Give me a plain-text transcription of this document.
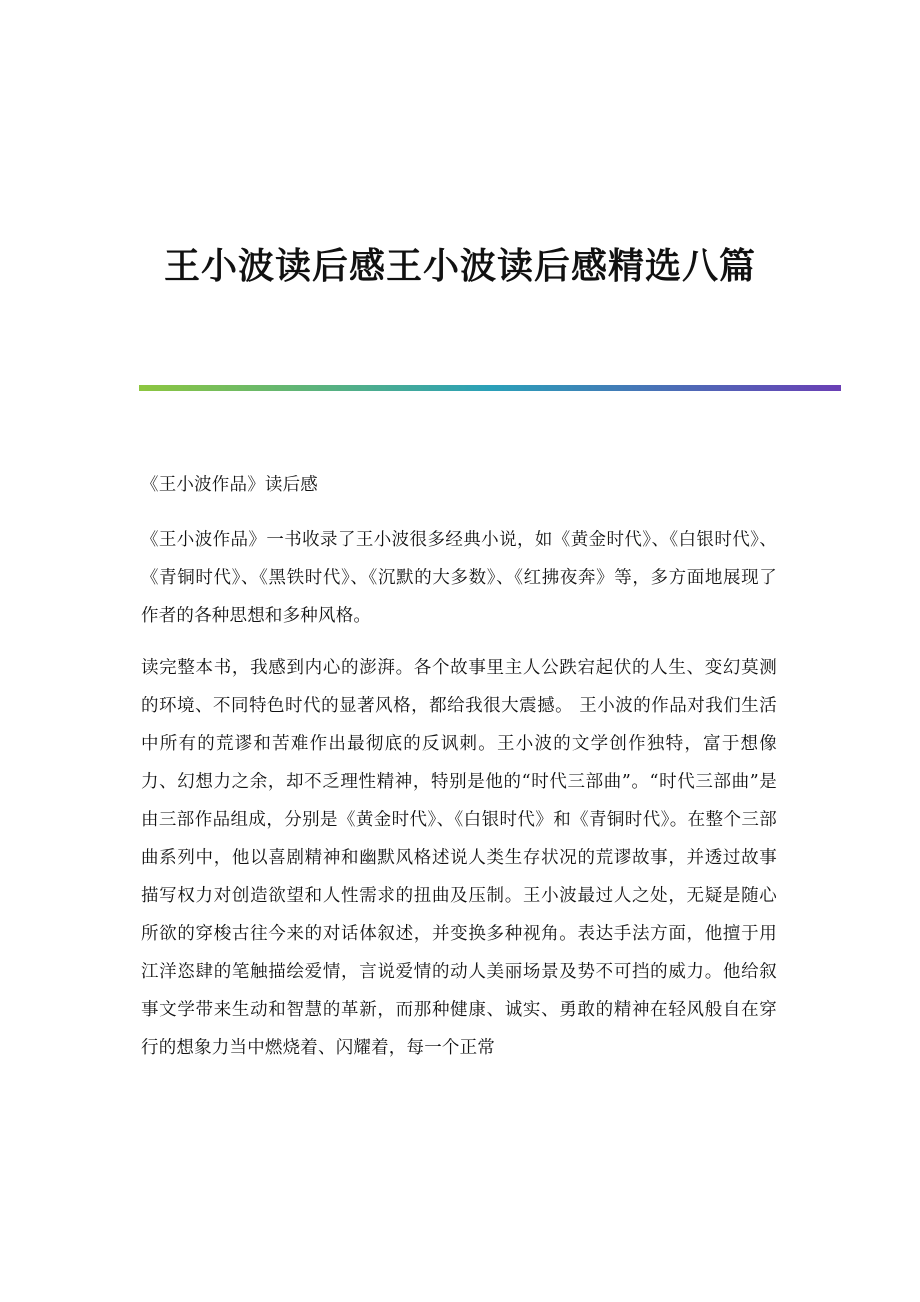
王小波读后感王小波读后感精选八篇

《王小波作品》读后感

《王小波作品》一书收录了王小波很多经典小说，如《黄金时代》、《白银时代》、《青铜时代》、《黑铁时代》、《沉默的大多数》、《红拂夜奔》等，多方面地展现了作者的各种思想和多种风格。

读完整本书，我感到内心的澎湃。各个故事里主人公跌宕起伏的人生、变幻莫测的环境、不同特色时代的显著风格，都给我很大震撼。 王小波的作品对我们生活中所有的荒谬和苦难作出最彻底的反讽刺。王小波的文学创作独特，富于想像力、幻想力之余，却不乏理性精神，特别是他的“时代三部曲”。“时代三部曲”是由三部作品组成，分别是《黄金时代》、《白银时代》和《青铜时代》。在整个三部曲系列中，他以喜剧精神和幽默风格述说人类生存状况的荒谬故事，并透过故事描写权力对创造欲望和人性需求的扭曲及压制。王小波最过人之处，无疑是随心所欲的穿梭古往今来的对话体叙述，并变换多种视角。表达手法方面，他擅于用江洋恣肆的笔触描绘爱情，言说爱情的动人美丽场景及势不可挡的威力。他给叙事文学带来生动和智慧的革新，而那种健康、诚实、勇敢的精神在轻风般自在穿行的想象力当中燃烧着、闪耀着，每一个正常
